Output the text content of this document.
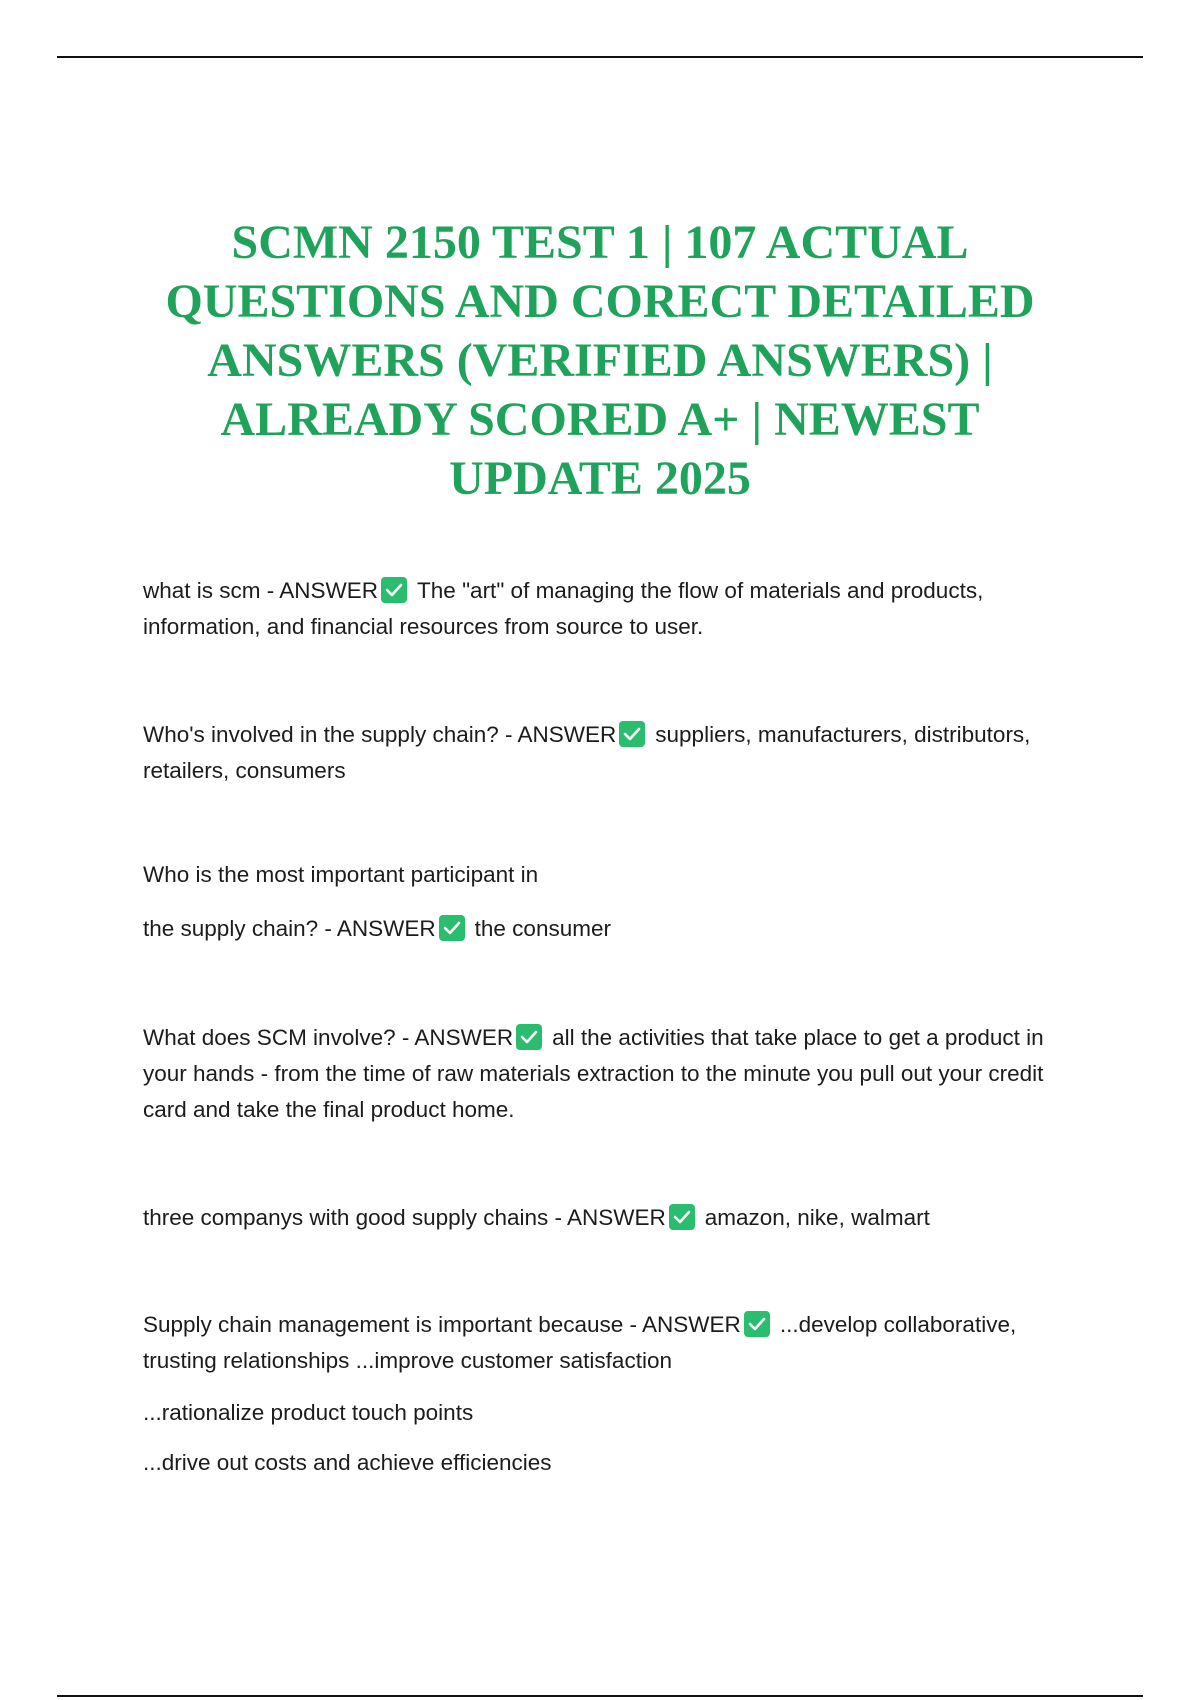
SCMN 2150 TEST 1 | 107 ACTUAL
QUESTIONS AND CORECT DETAILED
ANSWERS (VERIFIED ANSWERS) |
ALREADY SCORED A+ | NEWEST
UPDATE 2025

what is scm - ANSWER The "art" of managing the flow of materials and products, information, and financial resources from source to user.

Who's involved in the supply chain? - ANSWER suppliers, manufacturers, distributors, retailers, consumers

Who is the most important participant in

the supply chain? - ANSWER the consumer

What does SCM involve? - ANSWER all the activities that take place to get a product in your hands - from the time of raw materials extraction to the minute you pull out your credit card and take the final product home.

three companys with good supply chains - ANSWER amazon, nike, walmart

Supply chain management is important because - ANSWER ...develop collaborative, trusting relationships ...improve customer satisfaction

...rationalize product touch points

...drive out costs and achieve efficiencies
